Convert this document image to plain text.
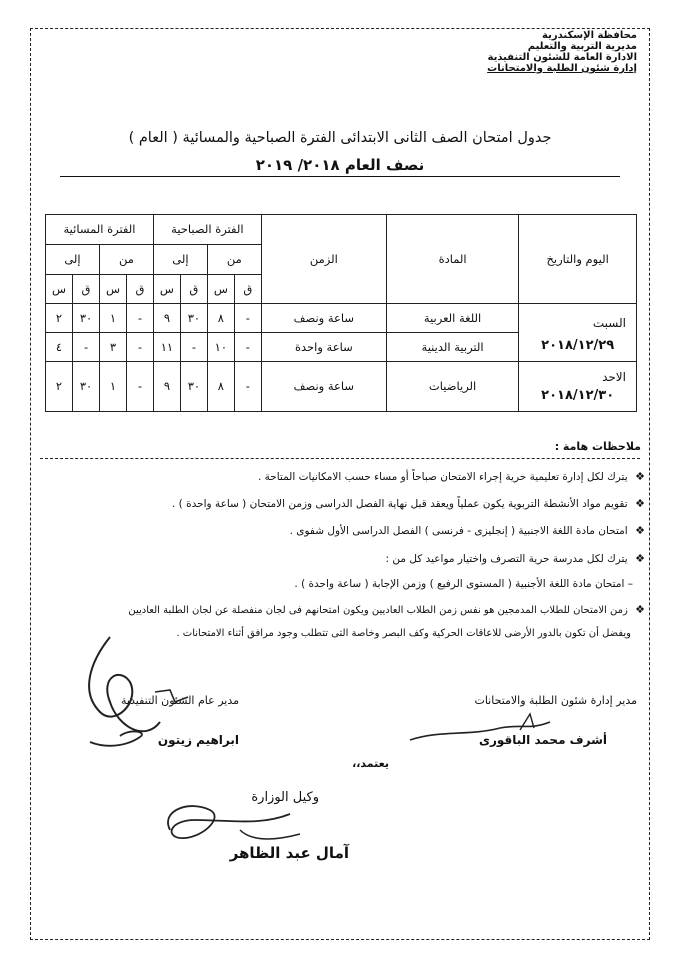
محافظة الإسكندرية
مديرية التربية والتعليم
الادارة العامة للشئون التنفيذية
إدارة شئون الطلبة والامتحانات
جدول امتحان الصف الثانى الابتدائى الفترة الصباحية والمسائية ( العام )
نصف العام ٢٠١٨/ ٢٠١٩
اليوم والتاريخ	المادة	الزمن	الفترة الصباحية				الفترة المسائية			
			من		إلى		من		إلى	
			ق	س	ق	س	ق	س	ق	س

السبت
٢٠١٨/١٢/٢٩	اللغة العربية	ساعة ونصف	-	٨	٣٠	٩	-	١	٣٠	٢
	التربية الدينية	ساعة واحدة	-	١٠	-	١١	-	٣	-	٤

الاحد
٢٠١٨/١٢/٣٠	الرياضيات	ساعة ونصف	-	٨	٣٠	٩	-	١	٣٠	٢
ملاحظات هامة :
❖ يترك لكل إدارة تعليمية حرية إجراء الامتحان صباحاً أو مساء حسب الامكانيات المتاحة .
❖ تقويم مواد الأنشطة التربوية يكون عملياً ويعقد قبل نهاية الفصل الدراسى وزمن الامتحان ( ساعة واحدة ) .
❖ امتحان مادة اللغة الاجنبية ( إنجليزى - فرنسى ) الفصل الدراسى الأول شفوى .
❖ يترك لكل مدرسة حرية التصرف واختيار مواعيد كل من :
– امتحان مادة اللغة الأجنبية ( المستوى الرفيع ) وزمن الإجابة ( ساعة واحدة ) .
❖ زمن الامتحان للطلاب المدمجين هو نفس زمن الطلاب العاديين ويكون امتحانهم فى لجان منفصلة عن لجان الطلبة العاديين
ويفضل أن تكون بالدور الأرضى للاعاقات الحركية وكف البصر وخاصة التى تتطلب وجود مرافق أثناء الامتحانات .
مدير إدارة شئون الطلبة والامتحانات
أشرف محمد الباقورى
مدير عام الشئون التنفيذية
ابراهيم زيتون
يعتمد،،
وكيل الوزارة
آمال عبد الظاهر
